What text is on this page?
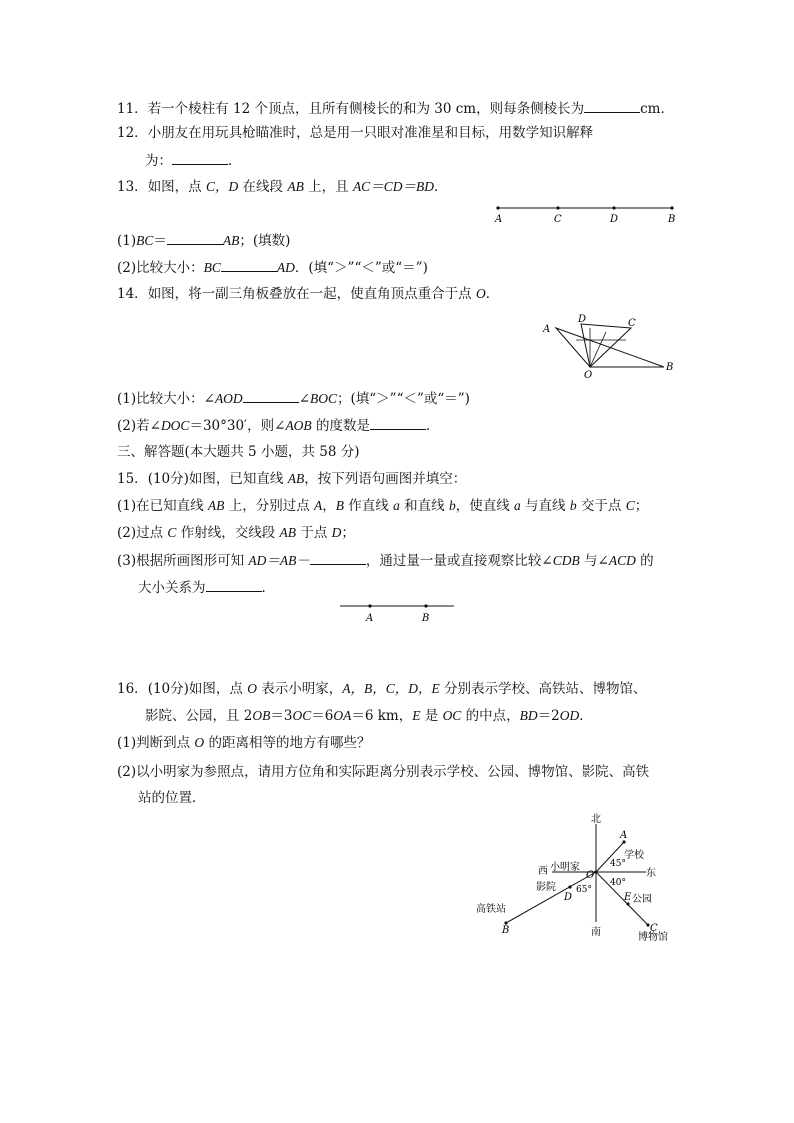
11．若一个棱柱有 12 个顶点，且所有侧棱长的和为 30 cm，则每条侧棱长为	cm．
12．小朋友在用玩具枪瞄准时，总是用一只眼对准准星和目标，用数学知识解释
为：	．
13．如图，点 C，D 在线段 AB 上，且 AC＝CD＝BD．
A	C	D	B
(1)BC＝	AB；(填数)
(2)比较大小：BC	AD．(填“＞”“＜”或“＝”)
14．如图，将一副三角板叠放在一起，使直角顶点重合于点 O．
A
D	C
B
O
(1)比较大小：∠AOD	∠BOC；(填“＞”“＜”或“＝”)
(2)若∠DOC＝30°30′，则∠AOB 的度数是	．
三、解答题(本大题共 5 小题，共 58 分)
15．(10分)如图，已知直线 AB，按下列语句画图并填空：
(1)在已知直线 AB 上，分别过点 A，B 作直线 a 和直线 b，使直线 a 与直线 b 交于点 C；
(2)过点 C 作射线，交线段 AB 于点 D；
(3)根据所画图形可知 AD＝AB－	，通过量一量或直接观察比较∠CDB 与∠ACD 的
大小关系为	．
A	B
16．(10分)如图，点 O 表示小明家，A，B，C，D，E 分别表示学校、高铁站、博物馆、
影院、公园，且 2OB＝3OC＝6OA＝6 km，E 是 OC 的中点，BD＝2OD．
(1)判断到点 O 的距离相等的地方有哪些？
(2)以小明家为参照点，请用方位角和实际距离分别表示学校、公园、博物馆、影院、高铁
站的位置．
北
南
东
西 小明家
学校
公园
博物馆
影院
高铁站
45°
40°
65°
A
B	C
D	E
O
